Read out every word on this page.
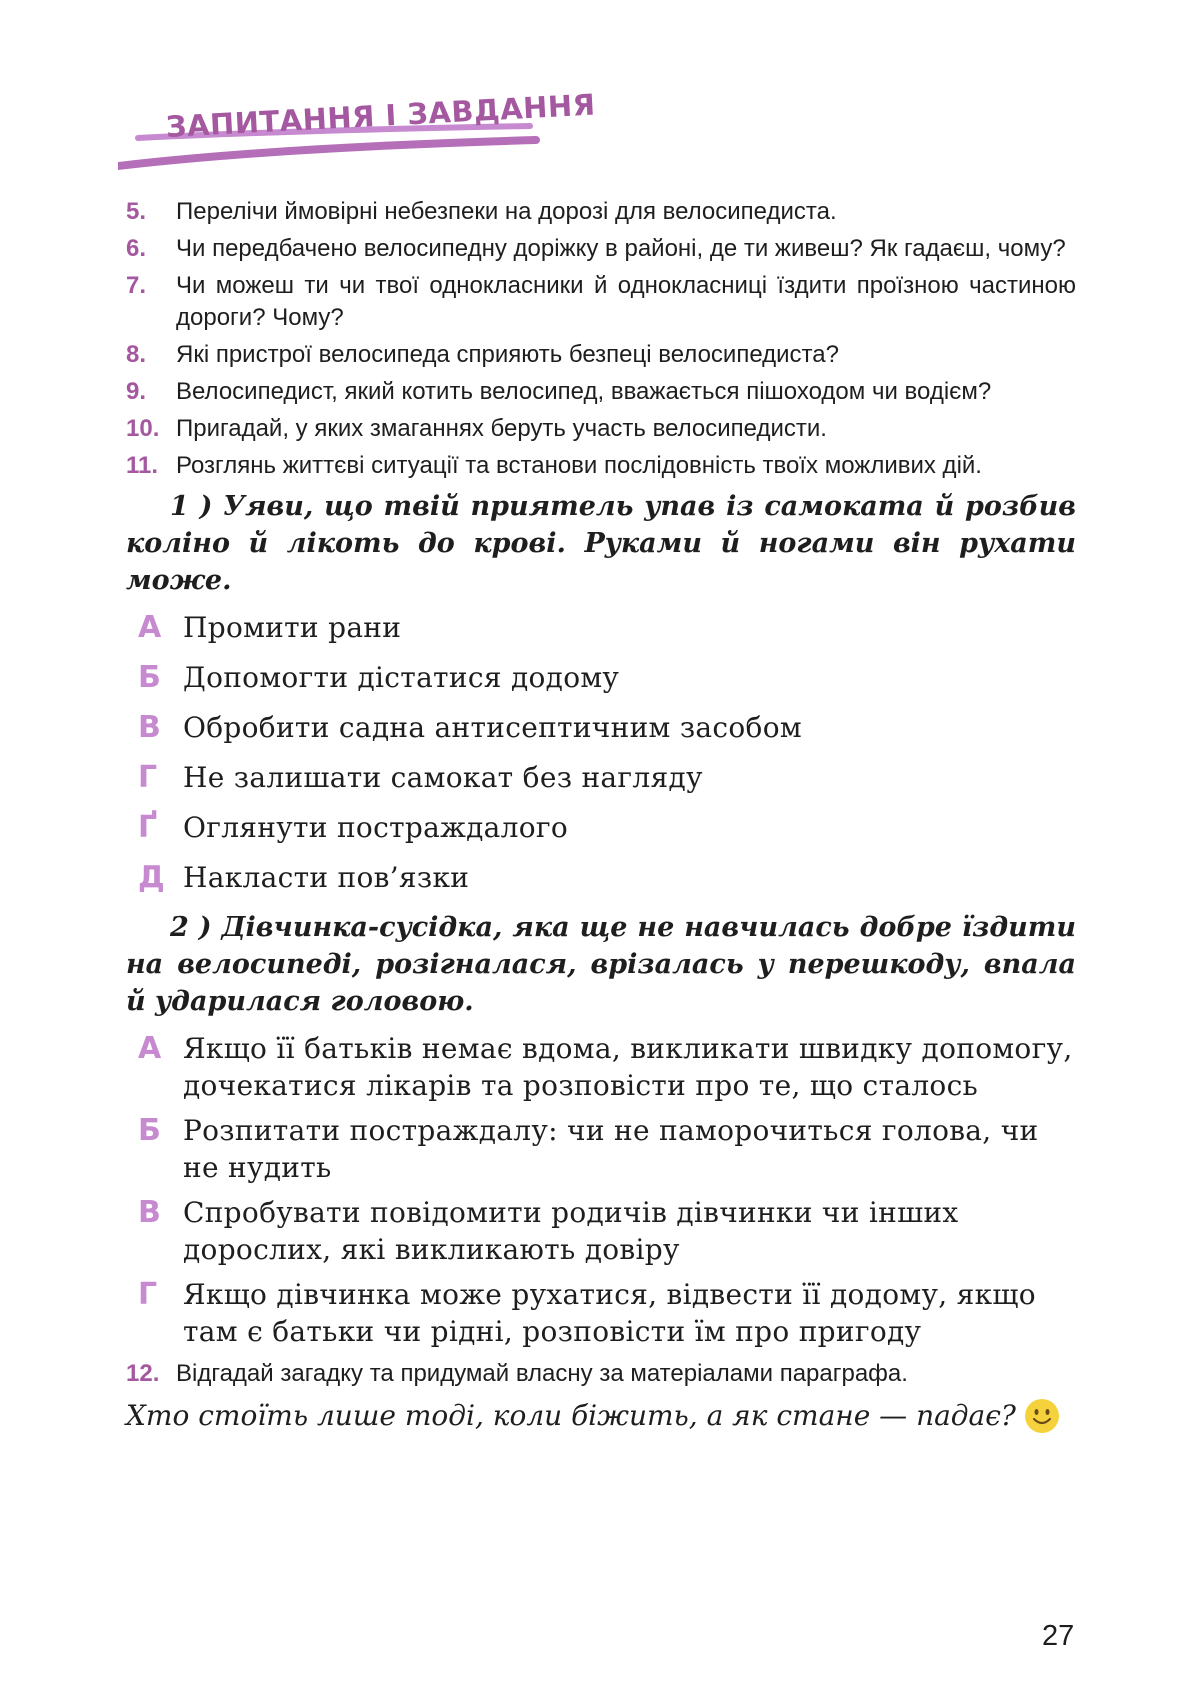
ЗАПИТАННЯ І ЗАВДАННЯ
5.	Перелічи ймовірні небезпеки на дорозі для велосипедиста.
6.	Чи передбачено велосипедну доріжку в районі, де ти живеш? Як гадаєш, чому?
7.	Чи можеш ти чи твої однокласники й однокласниці їздити проїзною частиною дороги? Чому?
8.	Які пристрої велосипеда сприяють безпеці велосипедиста?
9.	Велосипедист, який котить велосипед, вважається пішоходом чи водієм?
10. Пригадай, у яких змаганнях беруть участь велосипедисти.
11. Розглянь життєві ситуації та встанови послідовність твоїх можливих дій.

1 ) Уяви, що твій приятель упав із самоката й розбив коліно й лікоть до крові. Руками й ногами він рухати може.

А Промити рани
Б Допомогти дістатися додому
В Обробити садна антисептичним засобом
Г Не залишати самокат без нагляду
Ґ Оглянути постраждалого
Д Накласти пов’язки

2 ) Дівчинка-сусідка, яка ще не навчилась добре їздити на велосипеді, розігналася, врізалась у перешкоду, впала й ударилася головою.

А Якщо її батьків немає вдома, викликати швидку допомогу, дочекатися лікарів та розповісти про те, що сталось
Б Розпитати постраждалу: чи не паморочиться голова, чи не нудить
В Спробувати повідомити родичів дівчинки чи інших дорослих, які викликають довіру
Г Якщо дівчинка може рухатися, відвести її додому, якщо там є батьки чи рідні, розповісти їм про пригоду
12. Відгадай загадку та придумай власну за матеріалами параграфа.
Хто стоїть лише тоді, коли біжить, а як стане — падає?
27
